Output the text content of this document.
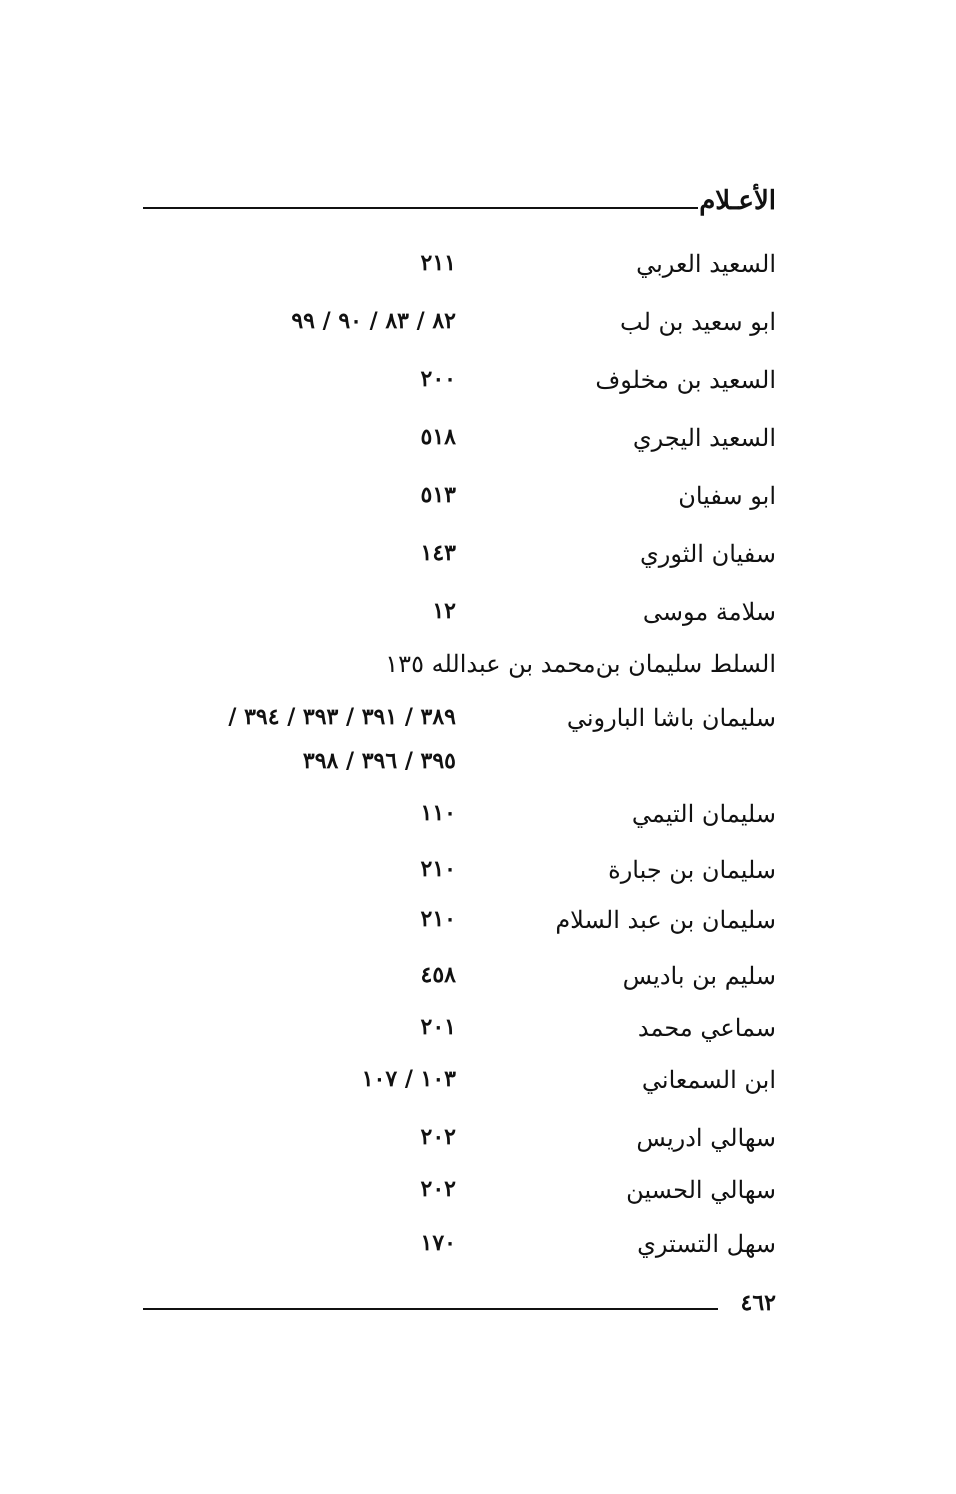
الأعـلام
السعيد العربي
٢١١
ابو سعيد بن لب
٨٢ / ٨٣ / ٩٠ / ٩٩
السعيد بن مخلوف
٢٠٠
السعيد اليجري
٥١٨
ابو سفيان
٥١٣
سفيان الثوري
١٤٣
سلامة موسى
١٢
السلط سليمان بن‌محمد بن عبدالله ١٣٥
سليمان باشا الباروني
٣٨٩ / ٣٩١ / ٣٩٣ / ٣٩٤ /
٣٩٥ / ٣٩٦ / ٣٩٨
سليمان التيمي
١١٠
سليمان بن جبارة
٢١٠
سليمان بن عبد السلام
٢١٠
سليم بن باديس
٤٥٨
سماعي محمد
٢٠١
ابن السمعاني
١٠٣ / ١٠٧
سهالي ادريس
٢٠٢
سهالي الحسين
٢٠٢
سهل التستري
١٧٠
٤٦٢
